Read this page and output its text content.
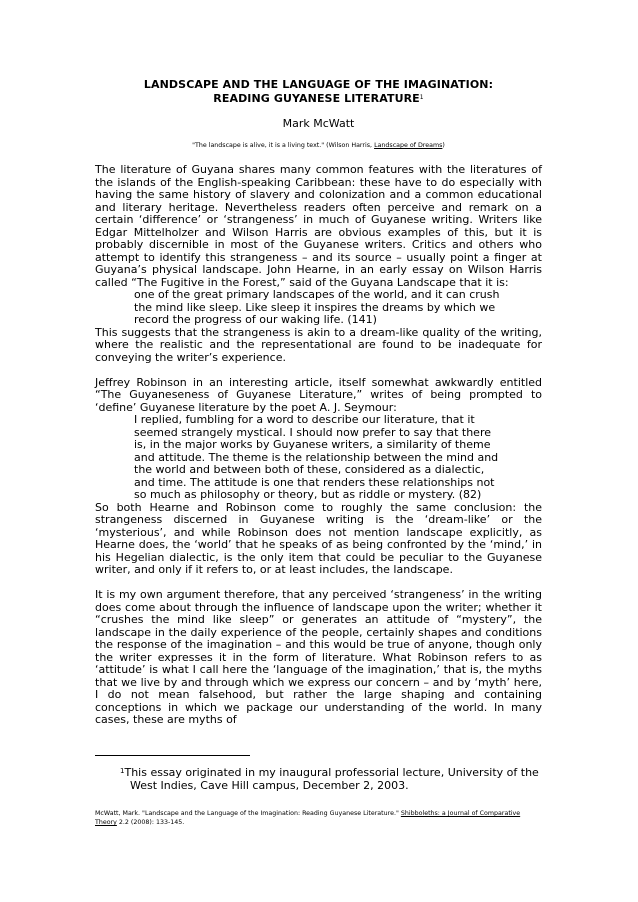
LANDSCAPE AND THE LANGUAGE OF THE IMAGINATION:
READING GUYANESE LITERATURE$^1$
Mark McWatt
"The landscape is alive, it is a living text." (Wilson Harris, Landscape of Dreams)

The literature of Guyana shares many common features with the literatures of the islands of the English-speaking Caribbean: these have to do especially with having the same history of slavery and colonization and a common educational and literary heritage. Nevertheless readers often perceive and remark on a certain ‘difference’ or ‘strangeness’ in much of Guyanese writing. Writers like Edgar Mittelholzer and Wilson Harris are obvious examples of this, but it is probably discernible in most of the Guyanese writers. Critics and others who attempt to identify this strangeness – and its source – usually point a finger at Guyana’s physical landscape. John Hearne, in an early essay on Wilson Harris called “The Fugitive in the Forest,” said of the Guyana Landscape that it is:

one of the great primary landscapes of the world, and it can crush the mind like sleep. Like sleep it inspires the dreams by which we record the progress of our waking life. (141)

This suggests that the strangeness is akin to a dream-like quality of the writing, where the realistic and the representational are found to be inadequate for conveying the writer’s experience.

Jeffrey Robinson in an interesting article, itself somewhat awkwardly entitled “The Guyaneseness of Guyanese Literature,” writes of being prompted to ‘define’ Guyanese literature by the poet A. J. Seymour:

I replied, fumbling for a word to describe our literature, that it seemed strangely mystical. I should now prefer to say that there is, in the major works by Guyanese writers, a similarity of theme and attitude. The theme is the relationship between the mind and the world and between both of these, considered as a dialectic, and time. The attitude is one that renders these relationships not so much as philosophy or theory, but as riddle or mystery. (82)

So both Hearne and Robinson come to roughly the same conclusion: the strangeness discerned in Guyanese writing is the ‘dream-like’ or the ‘mysterious’, and while Robinson does not mention landscape explicitly, as Hearne does, the ‘world’ that he speaks of as being confronted by the ‘mind,’ in his Hegelian dialectic, is the only item that could be peculiar to the Guyanese writer, and only if it refers to, or at least includes, the landscape.

It is my own argument therefore, that any perceived ‘strangeness’ in the writing does come about through the influence of landscape upon the writer; whether it “crushes the mind like sleep” or generates an attitude of “mystery”, the landscape in the daily experience of the people, certainly shapes and conditions the response of the imagination – and this would be true of anyone, though only the writer expresses it in the form of literature. What Robinson refers to as ‘attitude’ is what I call here the ‘language of the imagination,’ that is, the myths that we live by and through which we express our concern – and by ‘myth’ here, I do not mean falsehood, but rather the large shaping and containing conceptions in which we package our understanding of the world. In many cases, these are myths of

$^1$This essay originated in my inaugural professorial lecture, University of the
West Indies, Cave Hill campus, December 2, 2003.
McWatt, Mark. "Landscape and the Language of the Imagination: Reading Guyanese Literature." Shibboleths: a Journal of Comparative Theory 2.2 (2008): 133-145.
